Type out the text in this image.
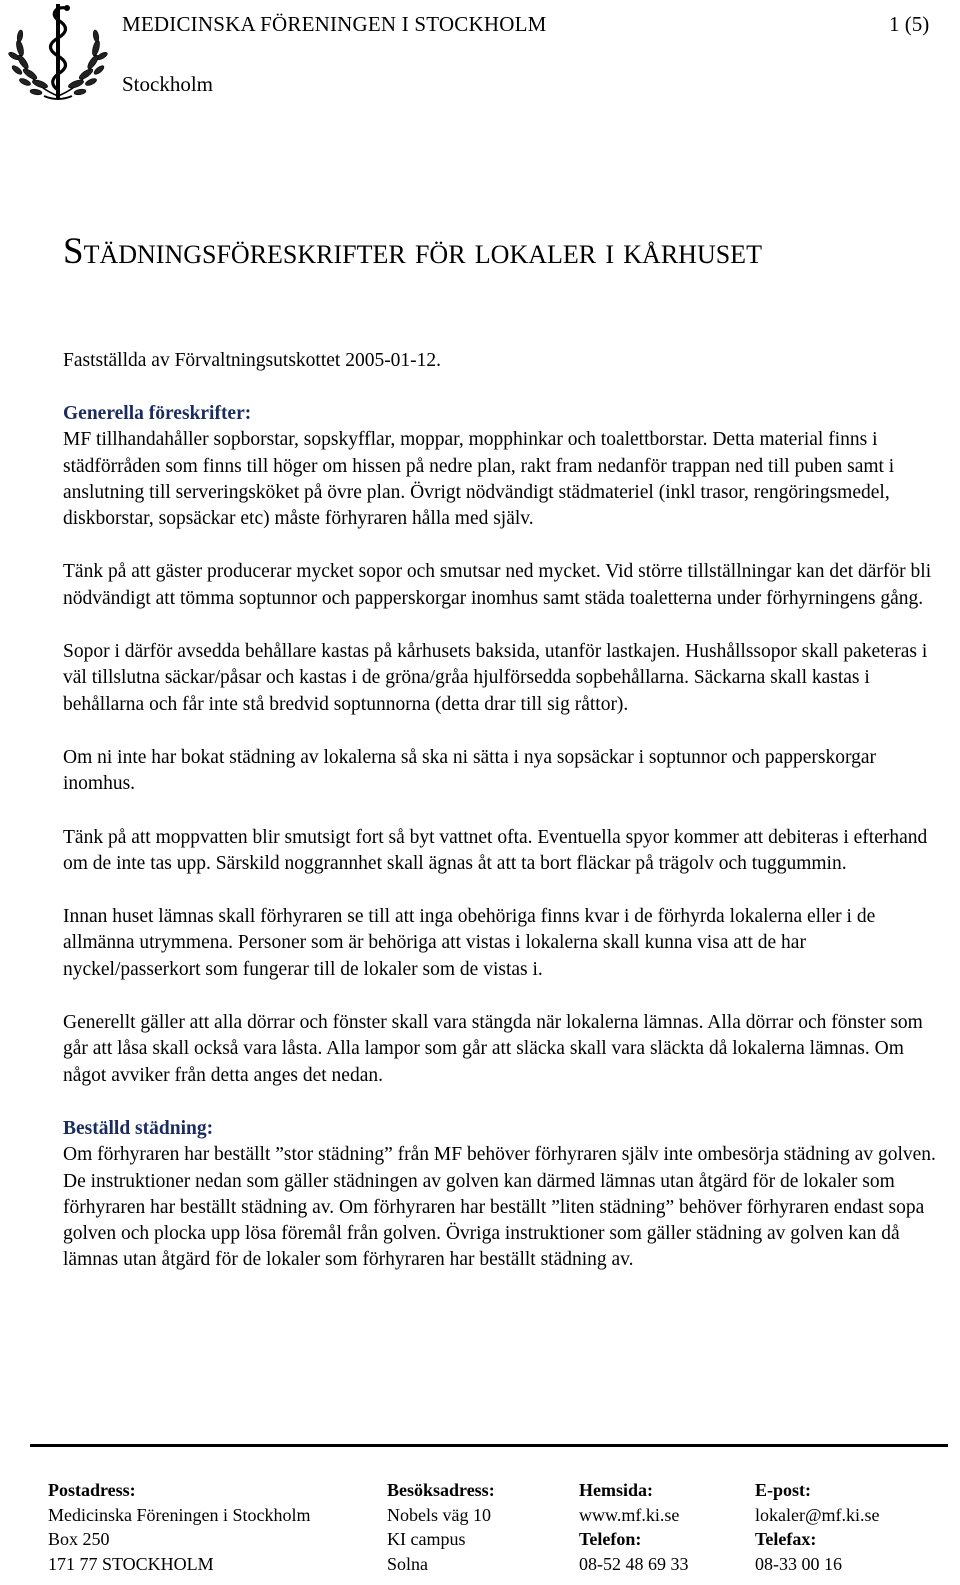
MEDICINSKA FÖRENINGEN I STOCKHOLM	1 (5)
Stockholm
Städningsföreskrifter för lokaler i kårhuset
Fastställda av Förvaltningsutskottet 2005-01-12.
Generella föreskrifter:
MF tillhandahåller sopborstar, sopskyfflar, moppar, mopphinkar och toalettborstar. Detta material finns i städförråden som finns till höger om hissen på nedre plan, rakt fram nedanför trappan ned till puben samt i anslutning till serveringsköket på övre plan. Övrigt nödvändigt städmateriel (inkl trasor, rengöringsmedel, diskborstar, sopsäckar etc) måste förhyraren hålla med själv.

Tänk på att gäster producerar mycket sopor och smutsar ned mycket. Vid större tillställningar kan det därför bli nödvändigt att tömma soptunnor och papperskorgar inomhus samt städa toaletterna under förhyrningens gång.

Sopor i därför avsedda behållare kastas på kårhusets baksida, utanför lastkajen. Hushållssopor skall paketeras i väl tillslutna säckar/påsar och kastas i de gröna/gråa hjulförsedda sopbehållarna. Säckarna skall kastas i behållarna och får inte stå bredvid soptunnorna (detta drar till sig råttor).

Om ni inte har bokat städning av lokalerna så ska ni sätta i nya sopsäckar i soptunnor och papperskorgar inomhus.

Tänk på att moppvatten blir smutsigt fort så byt vattnet ofta. Eventuella spyor kommer att debiteras i efterhand om de inte tas upp. Särskild noggrannhet skall ägnas åt att ta bort fläckar på trägolv och tuggummin.

Innan huset lämnas skall förhyraren se till att inga obehöriga finns kvar i de förhyrda lokalerna eller i de allmänna utrymmena. Personer som är behöriga att vistas i lokalerna skall kunna visa att de har nyckel/passerkort som fungerar till de lokaler som de vistas i.

Generellt gäller att alla dörrar och fönster skall vara stängda när lokalerna lämnas. Alla dörrar och fönster som går att låsa skall också vara låsta. Alla lampor som går att släcka skall vara släckta då lokalerna lämnas. Om något avviker från detta anges det nedan.

Beställd städning:
Om förhyraren har beställt ”stor städning” från MF behöver förhyraren själv inte ombesörja städning av golven. De instruktioner nedan som gäller städningen av golven kan därmed lämnas utan åtgärd för de lokaler som förhyraren har beställt städning av. Om förhyraren har beställt ”liten städning” behöver förhyraren endast sopa golven och plocka upp lösa föremål från golven. Övriga instruktioner som gäller städning av golven kan då lämnas utan åtgärd för de lokaler som förhyraren har beställt städning av.
Postadress:
Medicinska Föreningen i Stockholm
Box 250
171 77 STOCKHOLM
Besöksadress:
Nobels väg 10
KI campus
Solna
Hemsida:
www.mf.ki.se
Telefon:
08-52 48 69 33
E-post:
lokaler@mf.ki.se
Telefax:
08-33 00 16
